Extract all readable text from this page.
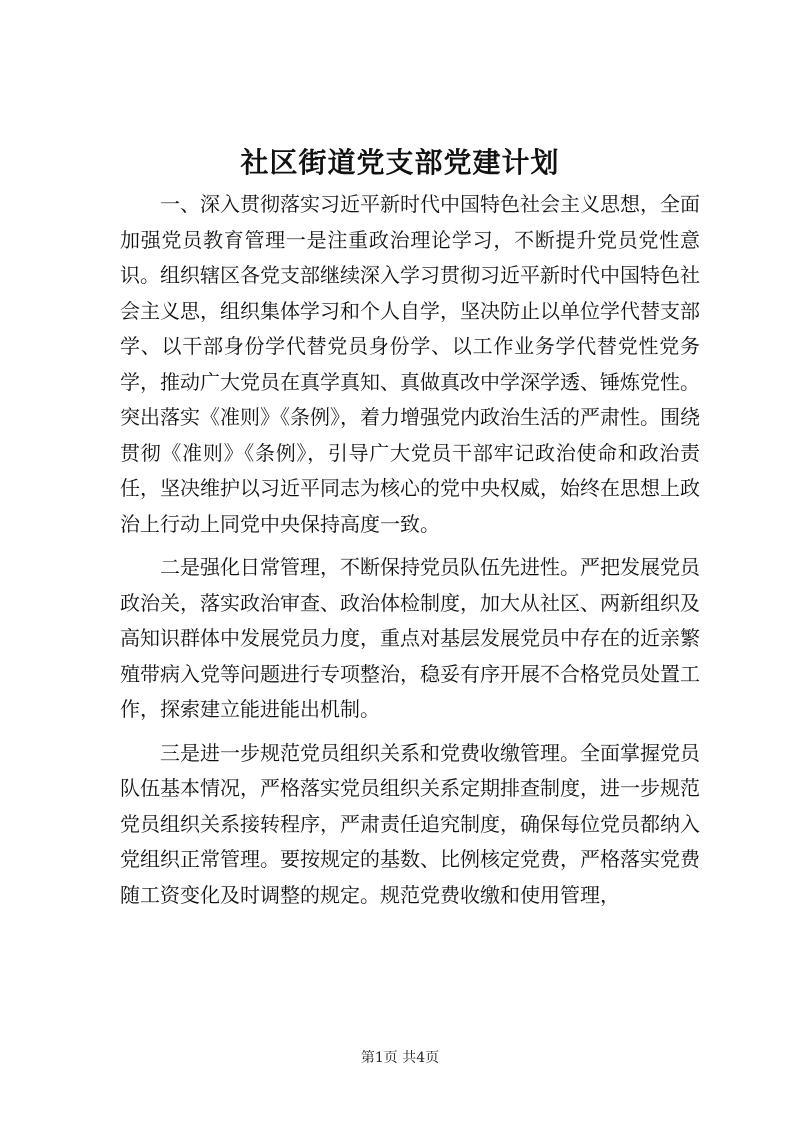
社区街道党支部党建计划

一、深入贯彻落实习近平新时代中国特色社会主义思想，全面加强党员教育管理一是注重政治理论学习，不断提升党员党性意识。组织辖区各党支部继续深入学习贯彻习近平新时代中国特色社会主义思，组织集体学习和个人自学，坚决防止以单位学代替支部学、以干部身份学代替党员身份学、以工作业务学代替党性党务学，推动广大党员在真学真知、真做真改中学深学透、锤炼党性。突出落实《准则》《条例》，着力增强党内政治生活的严肃性。围绕贯彻《准则》《条例》，引导广大党员干部牢记政治使命和政治责任，坚决维护以习近平同志为核心的党中央权威，始终在思想上政治上行动上同党中央保持高度一致。

二是强化日常管理，不断保持党员队伍先进性。严把发展党员政治关，落实政治审查、政治体检制度，加大从社区、两新组织及高知识群体中发展党员力度，重点对基层发展党员中存在的近亲繁殖带病入党等问题进行专项整治，稳妥有序开展不合格党员处置工作，探索建立能进能出机制。

三是进一步规范党员组织关系和党费收缴管理。全面掌握党员队伍基本情况，严格落实党员组织关系定期排查制度，进一步规范党员组织关系接转程序，严肃责任追究制度，确保每位党员都纳入党组织正常管理。要按规定的基数、比例核定党费，严格落实党费随工资变化及时调整的规定。规范党费收缴和使用管理，

第1页 共4页
